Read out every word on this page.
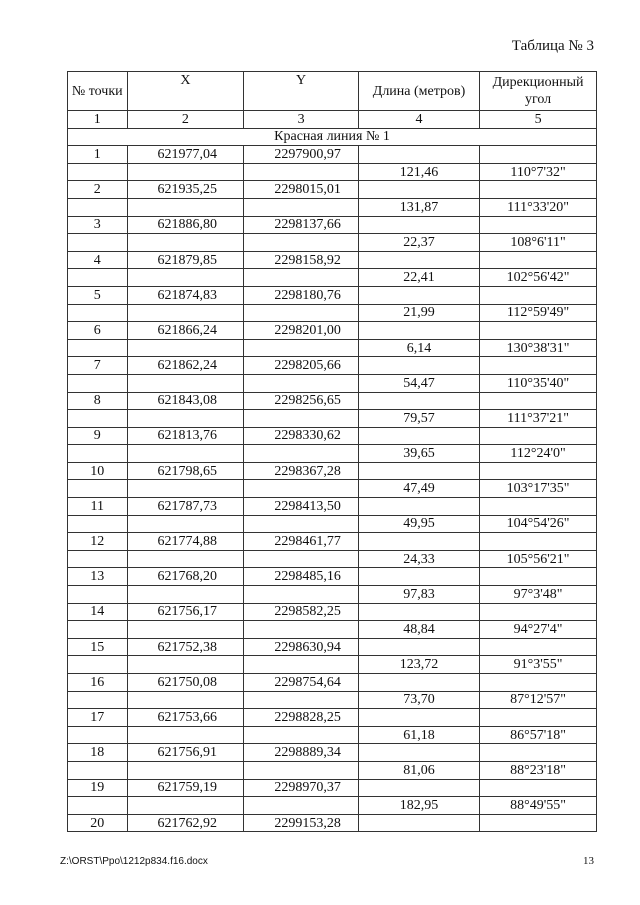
Таблица № 3
№ точки	X	Y	Длина (метров)	Дирекционный угол
1	2	3	4	5
Красная линия № 1				
1	621977,04	2297900,97		
			121,46	110°7'32"
2	621935,25	2298015,01		
			131,87	111°33'20"
3	621886,80	2298137,66		
			22,37	108°6'11"
4	621879,85	2298158,92		
			22,41	102°56'42"
5	621874,83	2298180,76		
			21,99	112°59'49"
6	621866,24	2298201,00		
			6,14	130°38'31"
7	621862,24	2298205,66		
			54,47	110°35'40"
8	621843,08	2298256,65		
			79,57	111°37'21"
9	621813,76	2298330,62		
			39,65	112°24'0"
10	621798,65	2298367,28		
			47,49	103°17'35"
11	621787,73	2298413,50		
			49,95	104°54'26"
12	621774,88	2298461,77		
			24,33	105°56'21"
13	621768,20	2298485,16		
			97,83	97°3'48"
14	621756,17	2298582,25		
			48,84	94°27'4"
15	621752,38	2298630,94		
			123,72	91°3'55"
16	621750,08	2298754,64		
			73,70	87°12'57"
17	621753,66	2298828,25		
			61,18	86°57'18"
18	621756,91	2298889,34		
			81,06	88°23'18"
19	621759,19	2298970,37		
			182,95	88°49'55"
20	621762,92	2299153,28		
Z:\ORST\Ppo\1212p834.f16.docx	13
